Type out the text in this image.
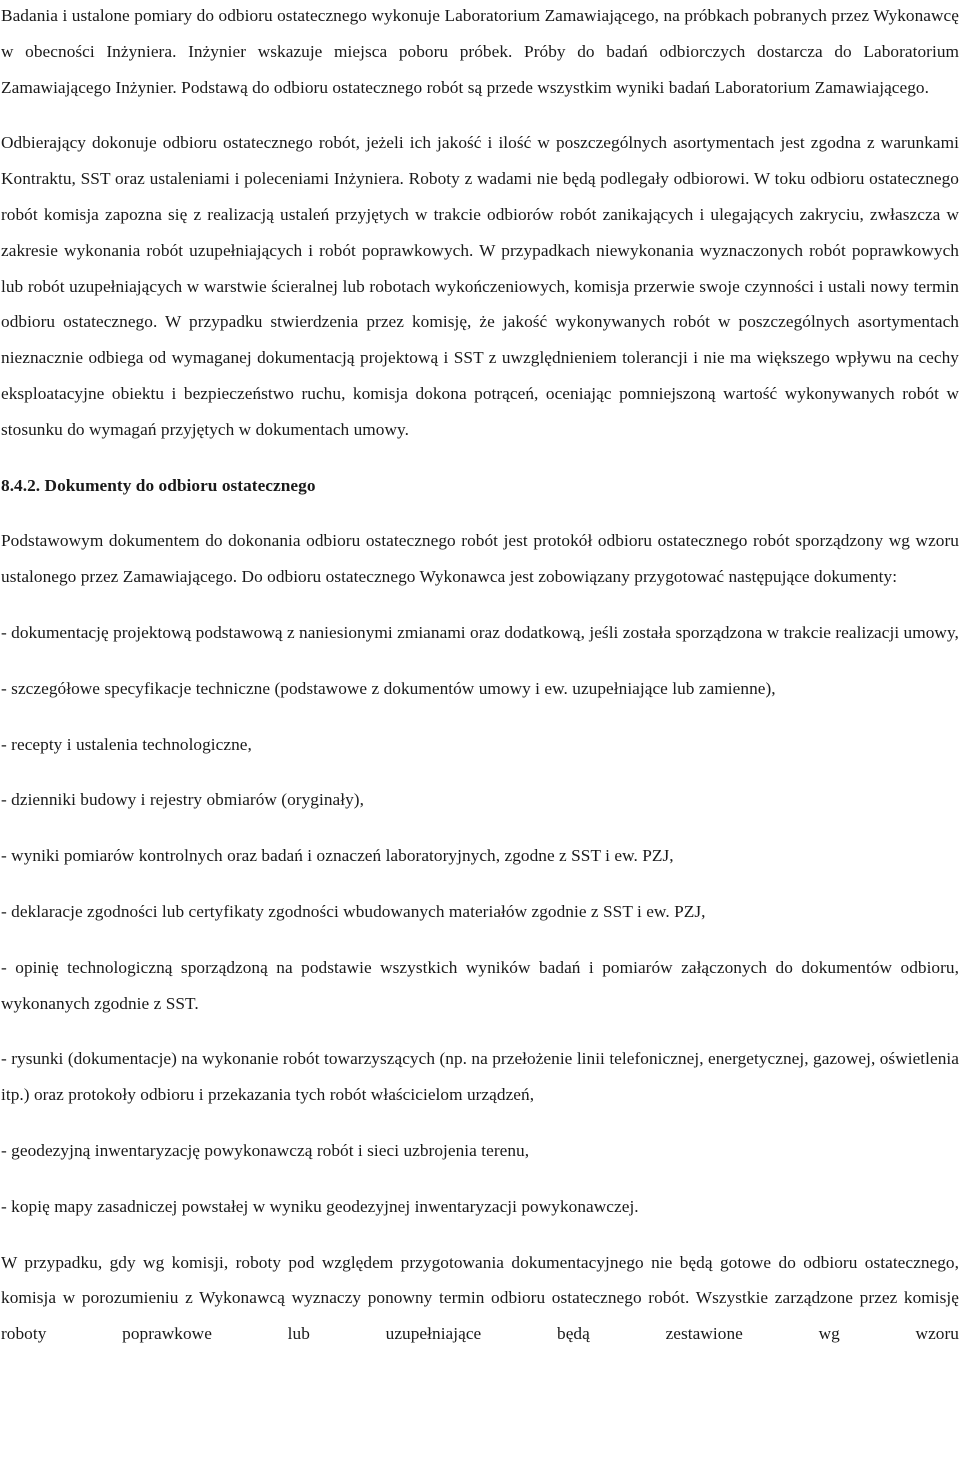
Badania i ustalone pomiary do odbioru ostatecznego wykonuje Laboratorium Zamawiającego, na próbkach pobranych przez Wykonawcę w obecności Inżyniera. Inżynier wskazuje miejsca poboru próbek. Próby do badań odbiorczych dostarcza do Laboratorium Zamawiającego Inżynier. Podstawą do odbioru ostatecznego robót są przede wszystkim wyniki badań Laboratorium Zamawiającego.

Odbierający dokonuje odbioru ostatecznego robót, jeżeli ich jakość i ilość w poszczególnych asortymentach jest zgodna z warunkami Kontraktu, SST oraz ustaleniami i poleceniami Inżyniera. Roboty z wadami nie będą podlegały odbiorowi. W toku odbioru ostatecznego robót komisja zapozna się z realizacją ustaleń przyjętych w trakcie odbiorów robót zanikających i ulegających zakryciu, zwłaszcza w zakresie wykonania robót uzupełniających i robót poprawkowych. W przypadkach niewykonania wyznaczonych robót poprawkowych lub robót uzupełniających w warstwie ścieralnej lub robotach wykończeniowych, komisja przerwie swoje czynności i ustali nowy termin odbioru ostatecznego. W przypadku stwierdzenia przez komisję, że jakość wykonywanych robót w poszczególnych asortymentach nieznacznie odbiega od wymaganej dokumentacją projektową i SST z uwzględnieniem tolerancji i nie ma większego wpływu na cechy eksploatacyjne obiektu i bezpieczeństwo ruchu, komisja dokona potrąceń, oceniając pomniejszoną wartość wykonywanych robót w stosunku do wymagań przyjętych w dokumentach umowy.

8.4.2. Dokumenty do odbioru ostatecznego

Podstawowym dokumentem do dokonania odbioru ostatecznego robót jest protokół odbioru ostatecznego robót sporządzony wg wzoru ustalonego przez Zamawiającego. Do odbioru ostatecznego Wykonawca jest zobowiązany przygotować następujące dokumenty:

- dokumentację projektową podstawową z naniesionymi zmianami oraz dodatkową, jeśli została sporządzona w trakcie realizacji umowy,

- szczegółowe specyfikacje techniczne (podstawowe z dokumentów umowy i ew. uzupełniające lub zamienne),

- recepty i ustalenia technologiczne,

- dzienniki budowy i rejestry obmiarów (oryginały),

- wyniki pomiarów kontrolnych oraz badań i oznaczeń laboratoryjnych, zgodne z SST i ew. PZJ,

- deklaracje zgodności lub certyfikaty zgodności wbudowanych materiałów zgodnie z SST i ew. PZJ,

- opinię technologiczną sporządzoną na podstawie wszystkich wyników badań i pomiarów załączonych do dokumentów odbioru, wykonanych zgodnie z SST.

- rysunki (dokumentacje) na wykonanie robót towarzyszących (np. na przełożenie linii telefonicznej, energetycznej, gazowej, oświetlenia itp.) oraz protokoły odbioru i przekazania tych robót właścicielom urządzeń,

- geodezyjną inwentaryzację powykonawczą robót i sieci uzbrojenia terenu,

- kopię mapy zasadniczej powstałej w wyniku geodezyjnej inwentaryzacji powykonawczej.

W przypadku, gdy wg komisji, roboty pod względem przygotowania dokumentacyjnego nie będą gotowe do odbioru ostatecznego, komisja w porozumieniu z Wykonawcą wyznaczy ponowny termin odbioru ostatecznego robót. Wszystkie zarządzone przez komisję roboty poprawkowe lub uzupełniające będą zestawione wg wzoru
